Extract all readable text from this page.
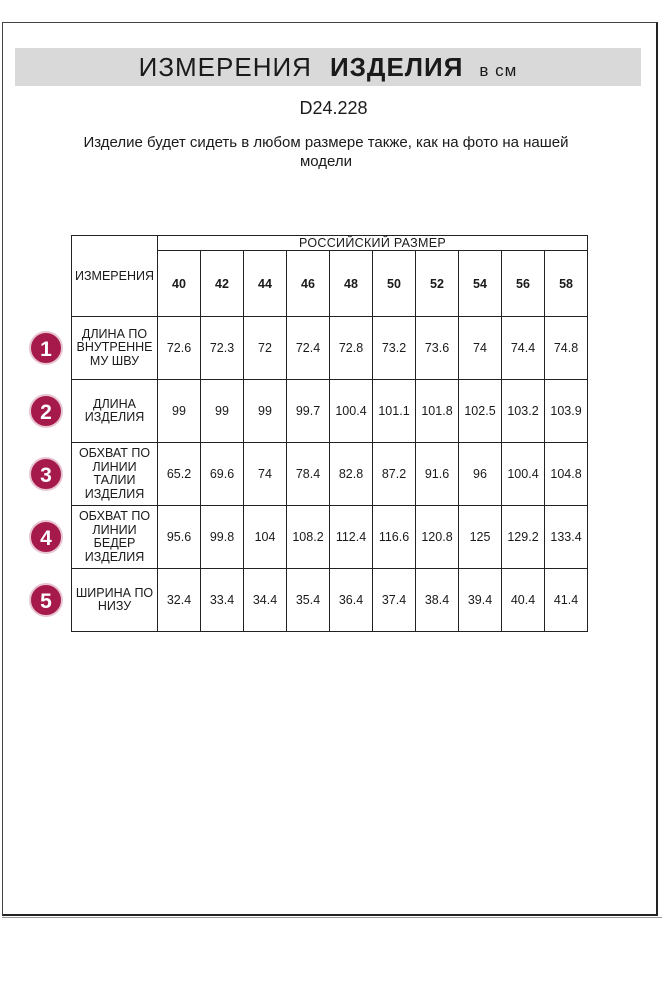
ИЗМЕРЕНИЯ ИЗДЕЛИЯ в см
D24.228
Изделие будет сидеть в любом размере также, как на фото на нашей
модели
ИЗМЕРЕНИЯ	РОССИЙСКИЙ РАЗМЕР									
	40	42	44	46	48	50	52	54	56	58

ДЛИНА ПО
ВНУТРЕННЕ
МУ ШВУ	72.6	72.3	72	72.4	72.8	73.2	73.6	74	74.4	74.8

ДЛИНА
ИЗДЕЛИЯ	99	99	99	99.7	100.4	101.1	101.8	102.5	103.2	103.9

ОБХВАТ ПО
ЛИНИИ
ТАЛИИ
ИЗДЕЛИЯ	65.2	69.6	74	78.4	82.8	87.2	91.6	96	100.4	104.8

ОБХВАТ ПО
ЛИНИИ
БЕДЕР
ИЗДЕЛИЯ	95.6	99.8	104	108.2	112.4	116.6	120.8	125	129.2	133.4

ШИРИНА ПО
НИЗУ	32.4	33.4	34.4	35.4	36.4	37.4	38.4	39.4	40.4	41.4
1
2
3
4
5
